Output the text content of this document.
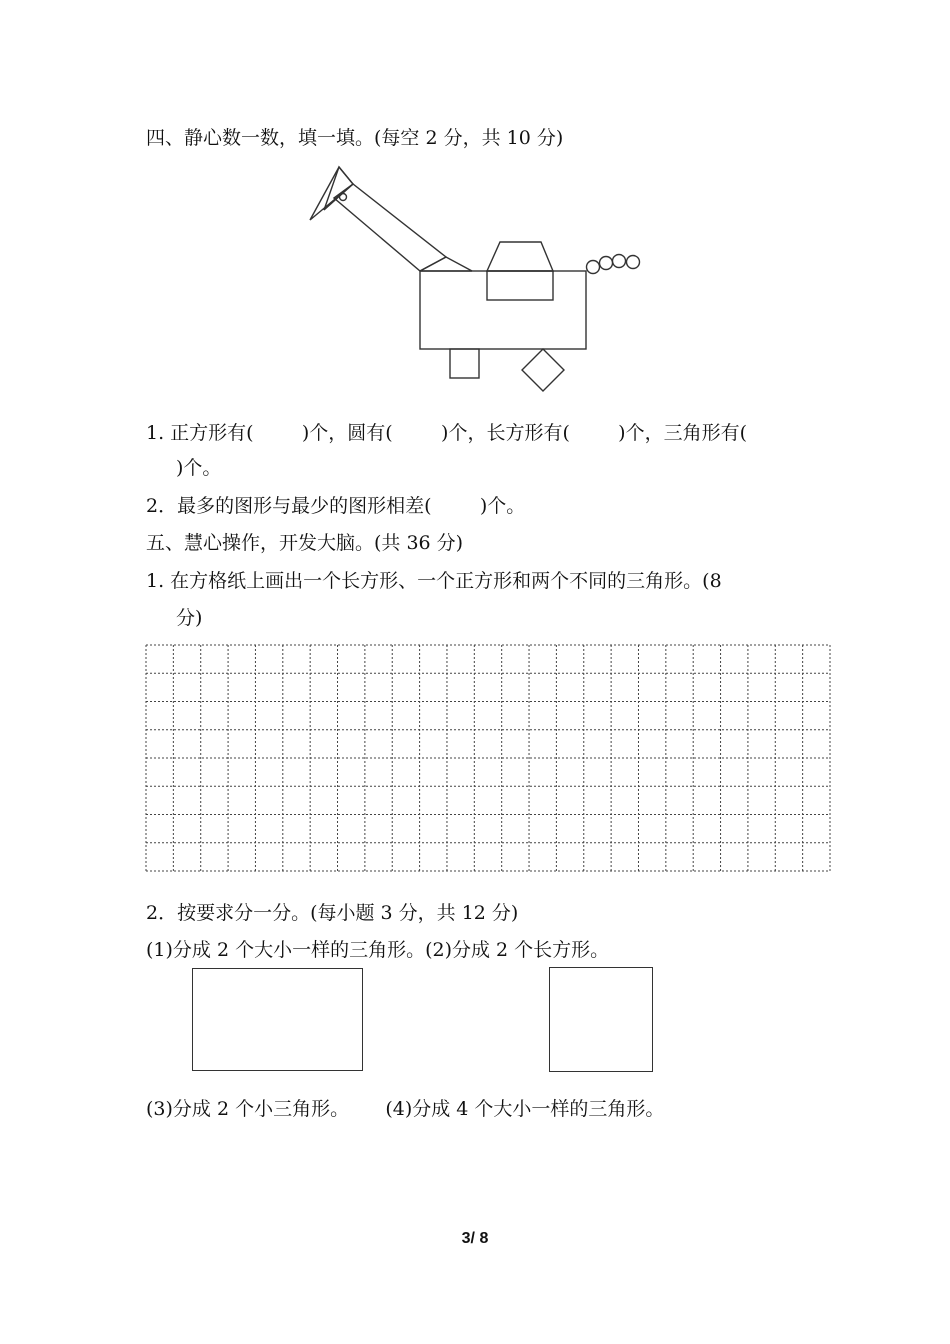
四、静心数一数，填一填。(每空 2 分，共 10 分)
1. 正方形有(        )个，圆有(        )个，长方形有(        )个，三角形有(
)个。
2．最多的图形与最少的图形相差(        )个。
五、慧心操作，开发大脑。(共 36 分)
1. 在方格纸上画出一个长方形、一个正方形和两个不同的三角形。(8
分)
2．按要求分一分。(每小题 3 分，共 12 分)
(1)分成 2 个大小一样的三角形。(2)分成 2 个长方形。
(3)分成 2 个小三角形。      (4)分成 4 个大小一样的三角形。
3/ 8
